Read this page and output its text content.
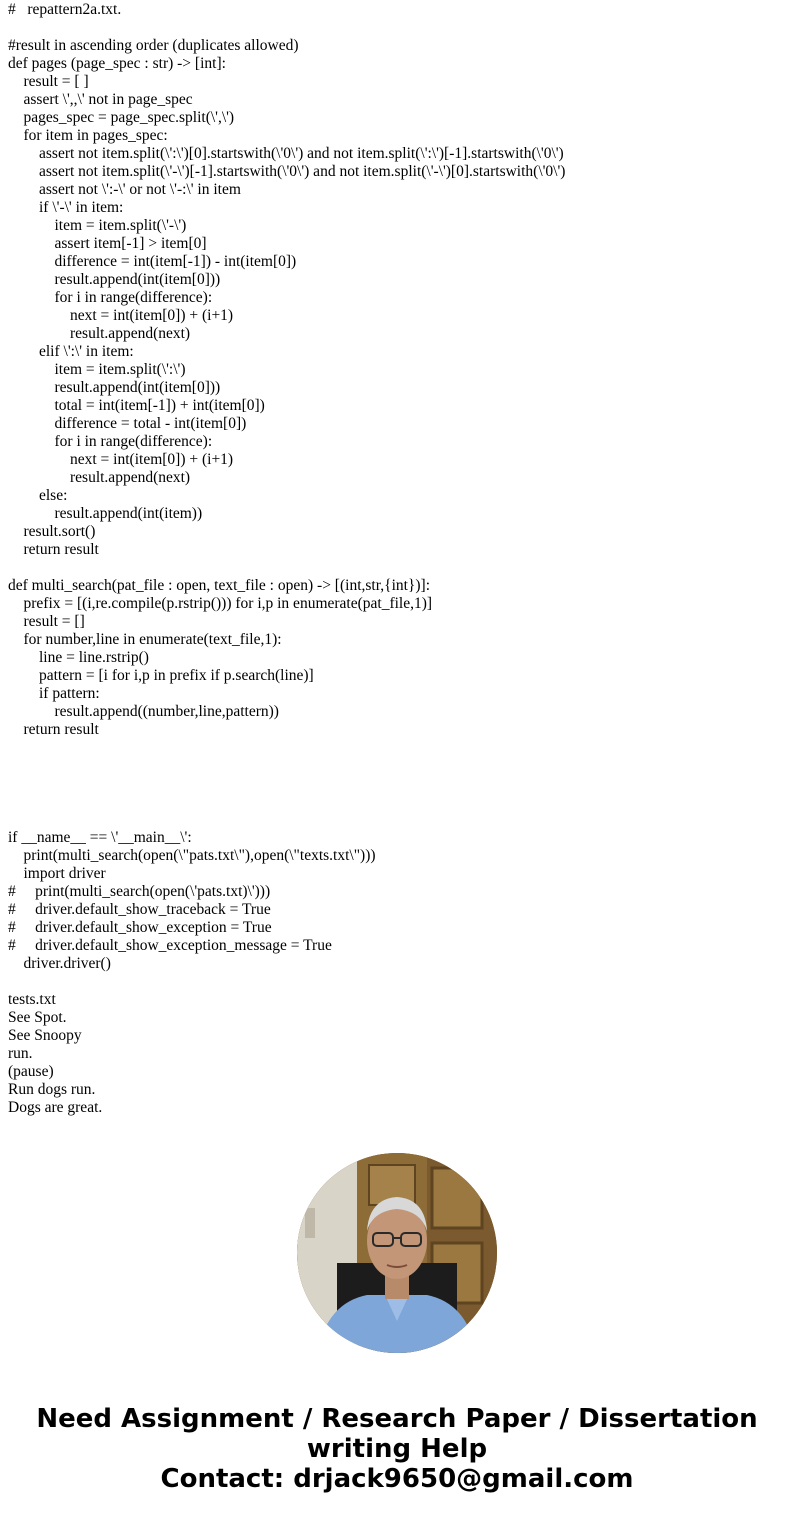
#   repattern2a.txt.
#result in ascending order (duplicates allowed)
def pages (page_spec : str) -> [int]:
result = [ ]
assert \',,\' not in page_spec
pages_spec = page_spec.split(\',\')
for item in pages_spec:
assert not item.split(\':\')[0].startswith(\'0\') and not item.split(\':\')[-1].startswith(\'0\')
assert not item.split(\'-\')[-1].startswith(\'0\') and not item.split(\'-\')[0].startswith(\'0\')
assert not \':-\' or not \'-:\' in item
if \'-\' in item:
item = item.split(\'-\')
assert item[-1] > item[0]
difference = int(item[-1]) - int(item[0])
result.append(int(item[0]))
for i in range(difference):
next = int(item[0]) + (i+1)
result.append(next)
elif \':\' in item:
item = item.split(\':\')
result.append(int(item[0]))
total = int(item[-1]) + int(item[0])
difference = total - int(item[0])
for i in range(difference):
next = int(item[0]) + (i+1)
result.append(next)
else:
result.append(int(item))
result.sort()
return result
def multi_search(pat_file : open, text_file : open) -> [(int,str,{int})]:
prefix = [(i,re.compile(p.rstrip())) for i,p in enumerate(pat_file,1)]
result = []
for number,line in enumerate(text_file,1):
line = line.rstrip()
pattern = [i for i,p in prefix if p.search(line)]
if pattern:
result.append((number,line,pattern))
return result
if __name__ == \'__main__\':
print(multi_search(open(\"pats.txt\"),open(\"texts.txt\")))
import driver
#     print(multi_search(open(\'pats.txt)\')))
#     driver.default_show_traceback = True
#     driver.default_show_exception = True
#     driver.default_show_exception_message = True
driver.driver()
tests.txt
See Spot.
See Snoopy
run.
(pause)
Run dogs run.
Dogs are great.
Need Assignment / Research Paper / Dissertation
writing Help
Contact: drjack9650@gmail.com
